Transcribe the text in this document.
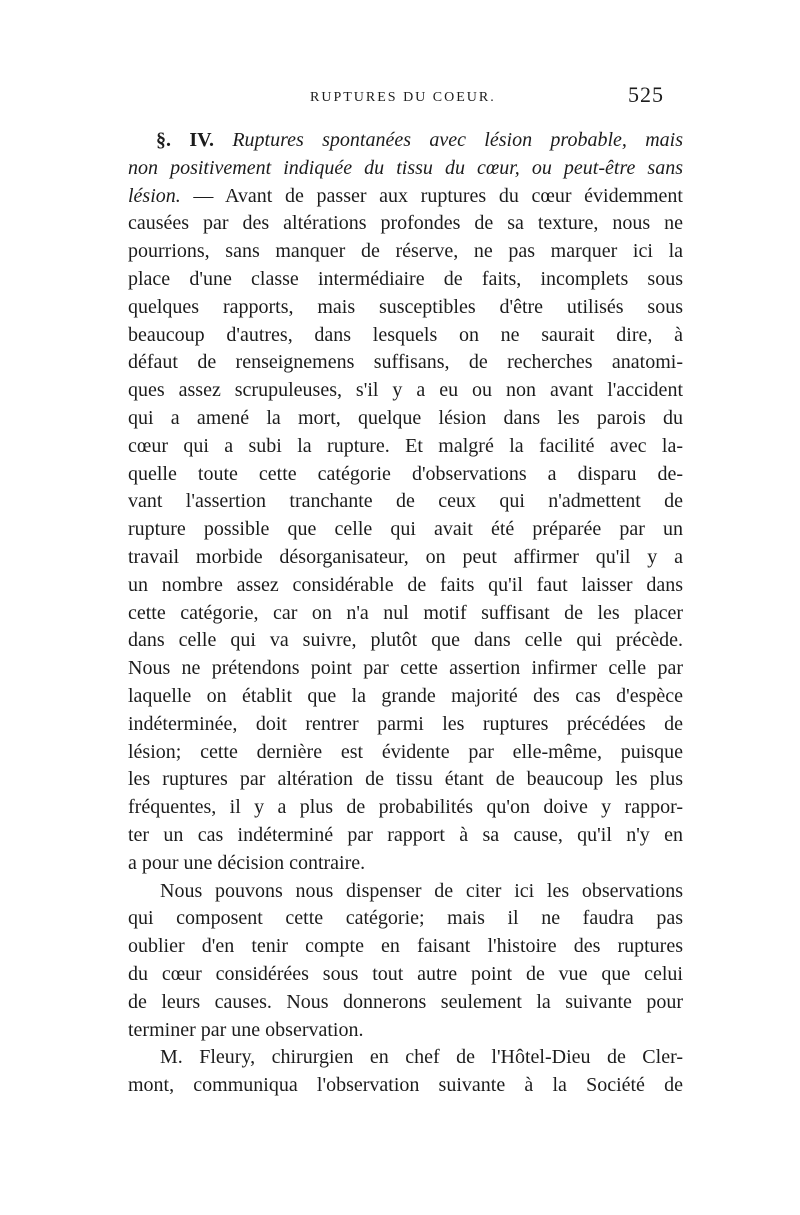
RUPTURES DU COEUR.	525
§. IV. Ruptures spontanées avec lésion probable, mais
non positivement indiquée du tissu du cœur, ou peut-être sans
lésion. — Avant de passer aux ruptures du cœur évidemment
causées par des altérations profondes de sa texture, nous ne
pourrions, sans manquer de réserve, ne pas marquer ici la
place d'une classe intermédiaire de faits, incomplets sous
quelques rapports, mais susceptibles d'être utilisés sous
beaucoup d'autres, dans lesquels on ne saurait dire, à
défaut de renseignemens suffisans, de recherches anatomi-
ques assez scrupuleuses, s'il y a eu ou non avant l'accident
qui a amené la mort, quelque lésion dans les parois du
cœur qui a subi la rupture. Et malgré la facilité avec la-
quelle toute cette catégorie d'observations a disparu de-
vant l'assertion tranchante de ceux qui n'admettent de
rupture possible que celle qui avait été préparée par un
travail morbide désorganisateur, on peut affirmer qu'il y a
un nombre assez considérable de faits qu'il faut laisser dans
cette catégorie, car on n'a nul motif suffisant de les placer
dans celle qui va suivre, plutôt que dans celle qui précède.
Nous ne prétendons point par cette assertion infirmer celle par
laquelle on établit que la grande majorité des cas d'espèce
indéterminée, doit rentrer parmi les ruptures précédées de
lésion; cette dernière est évidente par elle-même, puisque
les ruptures par altération de tissu étant de beaucoup les plus
fréquentes, il y a plus de probabilités qu'on doive y rappor-
ter un cas indéterminé par rapport à sa cause, qu'il n'y en
a pour une décision contraire.
Nous pouvons nous dispenser de citer ici les observations
qui composent cette catégorie; mais il ne faudra pas
oublier d'en tenir compte en faisant l'histoire des ruptures
du cœur considérées sous tout autre point de vue que celui
de leurs causes. Nous donnerons seulement la suivante pour
terminer par une observation.
M. Fleury, chirurgien en chef de l'Hôtel-Dieu de Cler-
mont, communiqua l'observation suivante à la Société de
